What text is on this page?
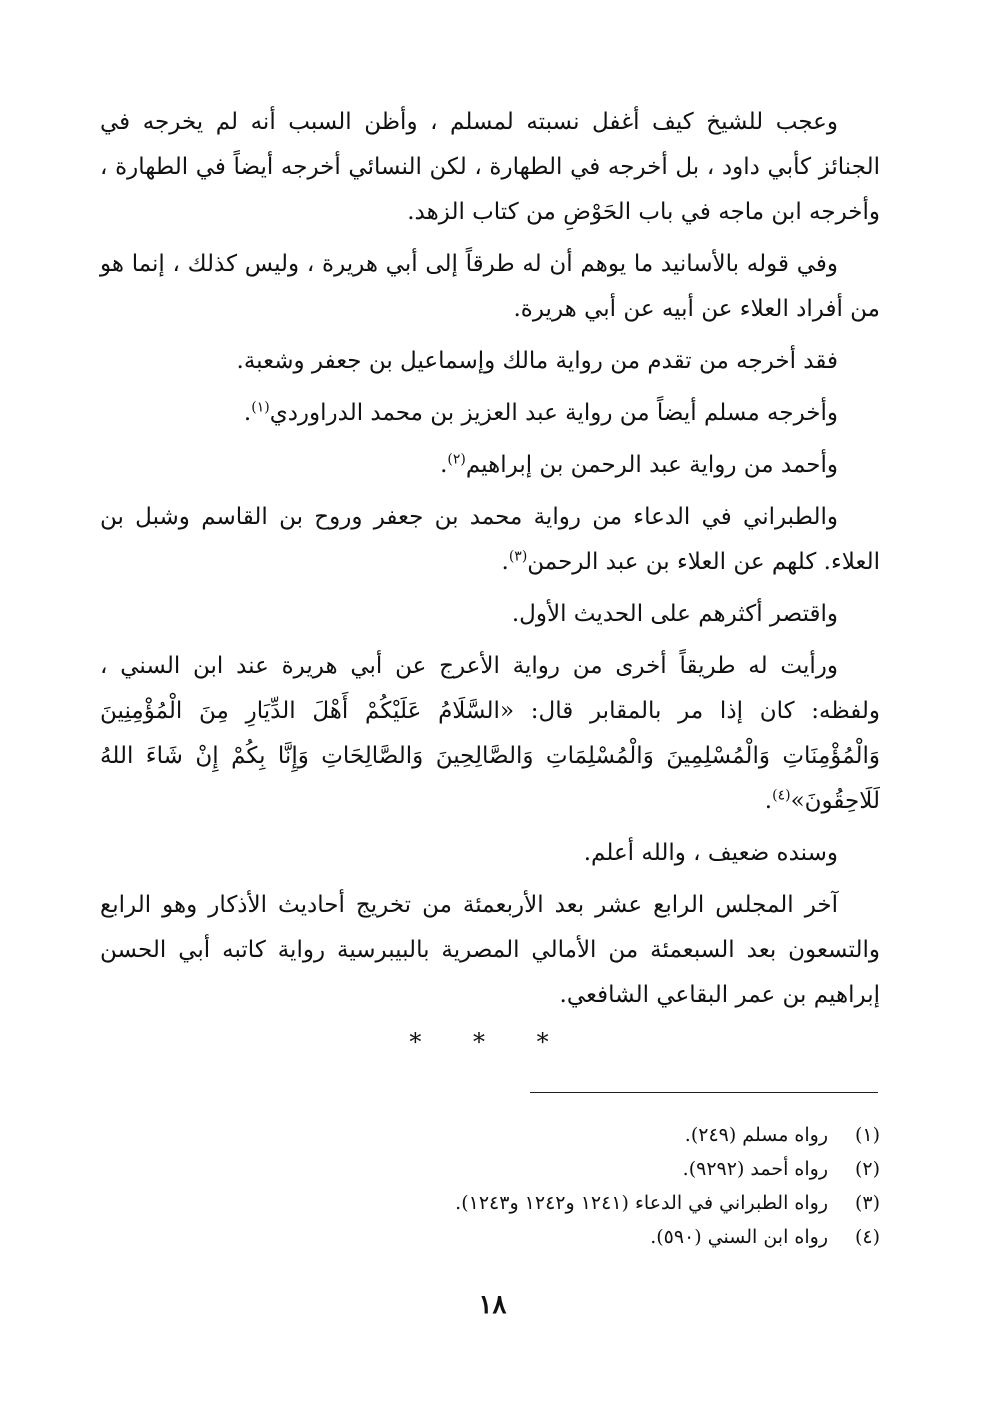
وعجب للشيخ كيف أغفل نسبته لمسلم ، وأظن السبب أنه لم يخرجه في الجنائز كأبي داود ، بل أخرجه في الطهارة ، لكن النسائي أخرجه أيضاً في الطهارة ، وأخرجه ابن ماجه في باب الحَوْضِ من كتاب الزهد.

وفي قوله بالأسانيد ما يوهم أن له طرقاً إلى أبي هريرة ، وليس كذلك ، إنما هو من أفراد العلاء عن أبيه عن أبي هريرة.

فقد أخرجه من تقدم من رواية مالك وإسماعيل بن جعفر وشعبة.

وأخرجه مسلم أيضاً من رواية عبد العزيز بن محمد الدراوردي$^{(١)}$.

وأحمد من رواية عبد الرحمن بن إبراهيم$^{(٢)}$.

والطبراني في الدعاء من رواية محمد بن جعفر وروح بن القاسم وشبل بن العلاء. كلهم عن العلاء بن عبد الرحمن$^{(٣)}$.

واقتصر أكثرهم على الحديث الأول.

ورأيت له طريقاً أخرى من رواية الأعرج عن أبي هريرة عند ابن السني ، ولفظه: كان إذا مر بالمقابر قال: «السَّلَامُ عَلَيْكُمْ أَهْلَ الدِّيَارِ مِنَ الْمُؤْمِنِينَ وَالْمُؤْمِنَاتِ وَالْمُسْلِمِينَ وَالْمُسْلِمَاتِ وَالصَّالِحِينَ وَالصَّالِحَاتِ وَإِنَّا بِكُمْ إِنْ شَاءَ اللهُ لَلَاحِقُونَ»$^{(٤)}$.

وسنده ضعيف ، والله أعلم.

آخر المجلس الرابع عشر بعد الأربعمئة من تخريج أحاديث الأذكار وهو الرابع والتسعون بعد السبعمئة من الأمالي المصرية بالبيبرسية رواية كاتبه أبي الحسن إبراهيم بن عمر البقاعي الشافعي.

* * *

(١)رواه مسلم (٢٤٩).

(٢)رواه أحمد (٩٢٩٢).

(٣)رواه الطبراني في الدعاء (١٢٤١ و١٢٤٢ و١٢٤٣).

(٤)رواه ابن السني (٥٩٠).

١٨
